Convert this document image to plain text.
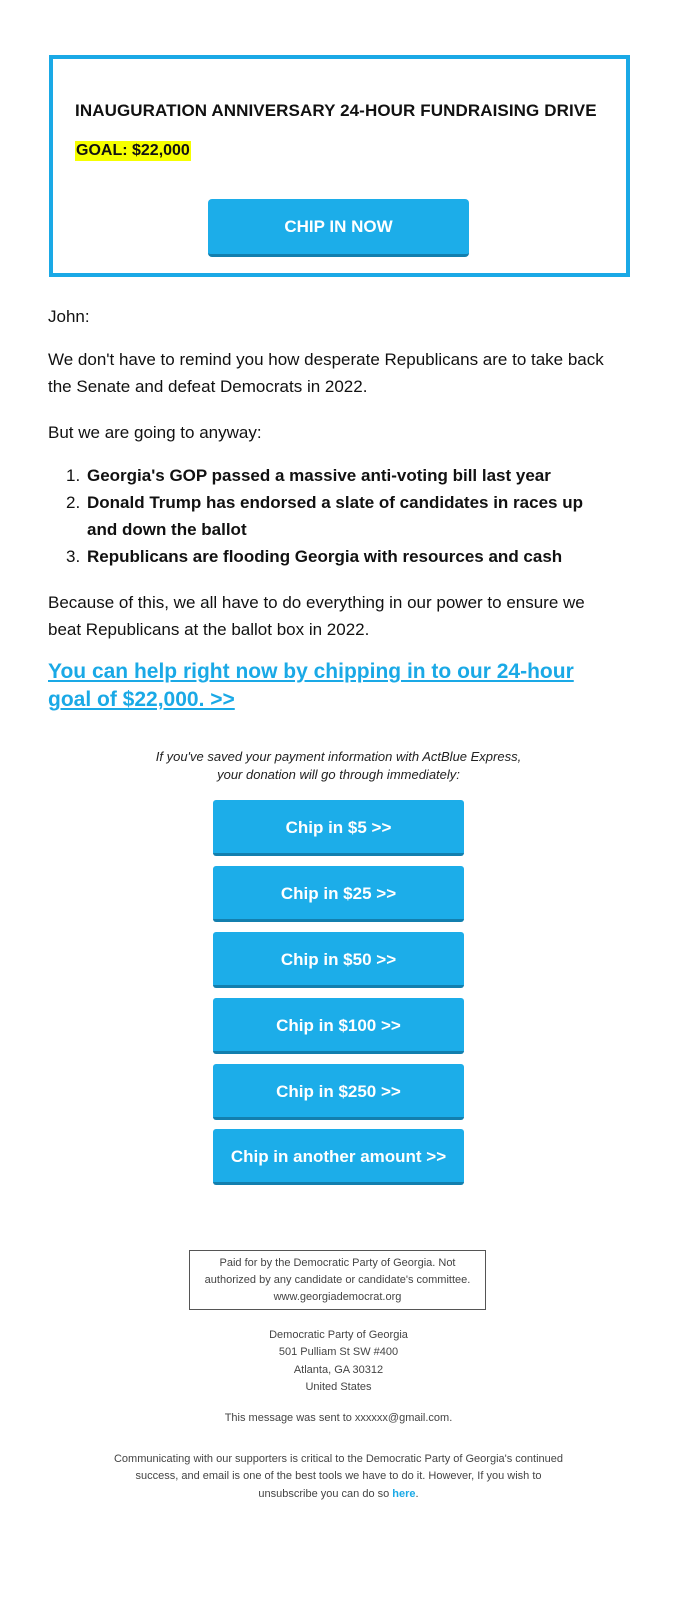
INAUGURATION ANNIVERSARY 24-HOUR FUNDRAISING DRIVE
GOAL: $22,000
CHIP IN NOW
John:
We don't have to remind you how desperate Republicans are to take back
the Senate and defeat Democrats in 2022.
But we are going to anyway:
1. Georgia's GOP passed a massive anti-voting bill last year
2. Donald Trump has endorsed a slate of candidates in races up
and down the ballot
3. Republicans are flooding Georgia with resources and cash
Because of this, we all have to do everything in our power to ensure we
beat Republicans at the ballot box in 2022.
You can help right now by chipping in to our 24-hour
goal of $22,000. >>
If you've saved your payment information with ActBlue Express,
your donation will go through immediately:
Chip in $5 >>
Chip in $25 >>
Chip in $50 >>
Chip in $100 >>
Chip in $250 >>
Chip in another amount >>
Paid for by the Democratic Party of Georgia. Not
authorized by any candidate or candidate's committee.
www.georgiademocrat.org
Democratic Party of Georgia
501 Pulliam St SW #400
Atlanta, GA 30312
United States
This message was sent to xxxxxx@gmail.com.
Communicating with our supporters is critical to the Democratic Party of Georgia's continued
success, and email is one of the best tools we have to do it. However, If you wish to
unsubscribe you can do so here.
